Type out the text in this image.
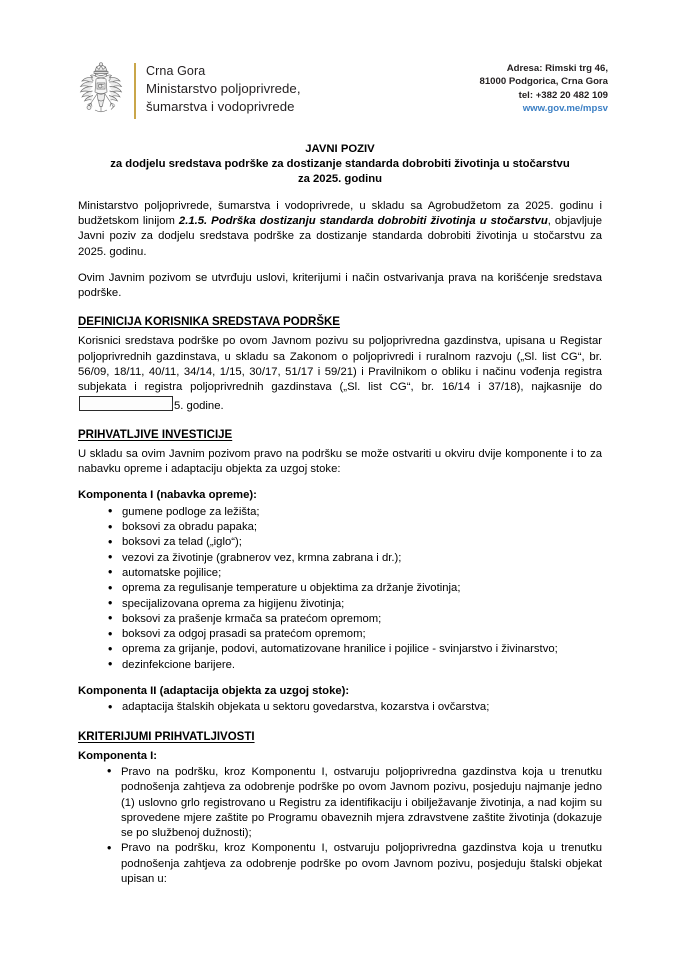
Crna Gora
Ministarstvo poljoprivrede,
šumarstva i vodoprivrede
Adresa: Rimski trg 46,
81000 Podgorica, Crna Gora
tel: +382 20 482 109
www.gov.me/mpsv
JAVNI POZIV
za dodjelu sredstava podrške za dostizanje standarda dobrobiti životinja u stočarstvu
za 2025. godinu

Ministarstvo poljoprivrede, šumarstva i vodoprivrede, u skladu sa Agrobudžetom za 2025. godinu i budžetskom linijom 2.1.5. Podrška dostizanju standarda dobrobiti životinja u stočarstvu, objavljuje Javni poziv za dodjelu sredstava podrške za dostizanje standarda dobrobiti životinja u stočarstvu za 2025. godinu.

Ovim Javnim pozivom se utvrđuju uslovi, kriterijumi i način ostvarivanja prava na korišćenje sredstava podrške.

DEFINICIJA KORISNIKA SREDSTAVA PODRŠKE

Korisnici sredstava podrške po ovom Javnom pozivu su poljoprivredna gazdinstva, upisana u Registar poljoprivrednih gazdinstava, u skladu sa Zakonom o poljoprivredi i ruralnom razvoju („Sl. list CG“, br. 56/09, 18/11, 40/11, 34/14, 1/15, 30/17, 51/17 i 59/21) i Pravilnikom o obliku i načinu vođenja registra subjekata i registra poljoprivrednih gazdinstava („Sl. list CG“, br. 16/14 i 37/18), najkasnije do 5. godine.

PRIHVATLJIVE INVESTICIJE

U skladu sa ovim Javnim pozivom pravo na podršku se može ostvariti u okviru dvije komponente i to za nabavku opreme i adaptaciju objekta za uzgoj stoke:

Komponenta I (nabavka opreme):
• gumene podloge za ležišta;
• boksovi za obradu papaka;
• boksovi za telad („iglo“);
• vezovi za životinje (grabnerov vez, krmna zabrana i dr.);
• automatske pojilice;
• oprema za regulisanje temperature u objektima za držanje životinja;
• specijalizovana oprema za higijenu životinja;
• boksovi za prašenje krmača sa pratećom opremom;
• boksovi za odgoj prasadi sa pratećom opremom;
• oprema za grijanje, podovi, automatizovane hranilice i pojilice - svinjarstvo i živinarstvo;
• dezinfekcione barijere.
Komponenta II (adaptacija objekta za uzgoj stoke):
• adaptacija štalskih objekata u sektoru govedarstva, kozarstva i ovčarstva;
KRITERIJUMI PRIHVATLJIVOSTI
Komponenta I:
• Pravo na podršku, kroz Komponentu I, ostvaruju poljoprivredna gazdinstva koja u trenutku podnošenja zahtjeva za odobrenje podrške po ovom Javnom pozivu, posjeduju najmanje jedno (1) uslovno grlo registrovano u Registru za identifikaciju i obilježavanje životinja, a nad kojim su sprovedene mjere zaštite po Programu obaveznih mjera zdravstvene zaštite životinja (dokazuje se po službenoj dužnosti);
• Pravo na podršku, kroz Komponentu I, ostvaruju poljoprivredna gazdinstva koja u trenutku podnošenja zahtjeva za odobrenje podrške po ovom Javnom pozivu, posjeduju štalski objekat upisan u:
